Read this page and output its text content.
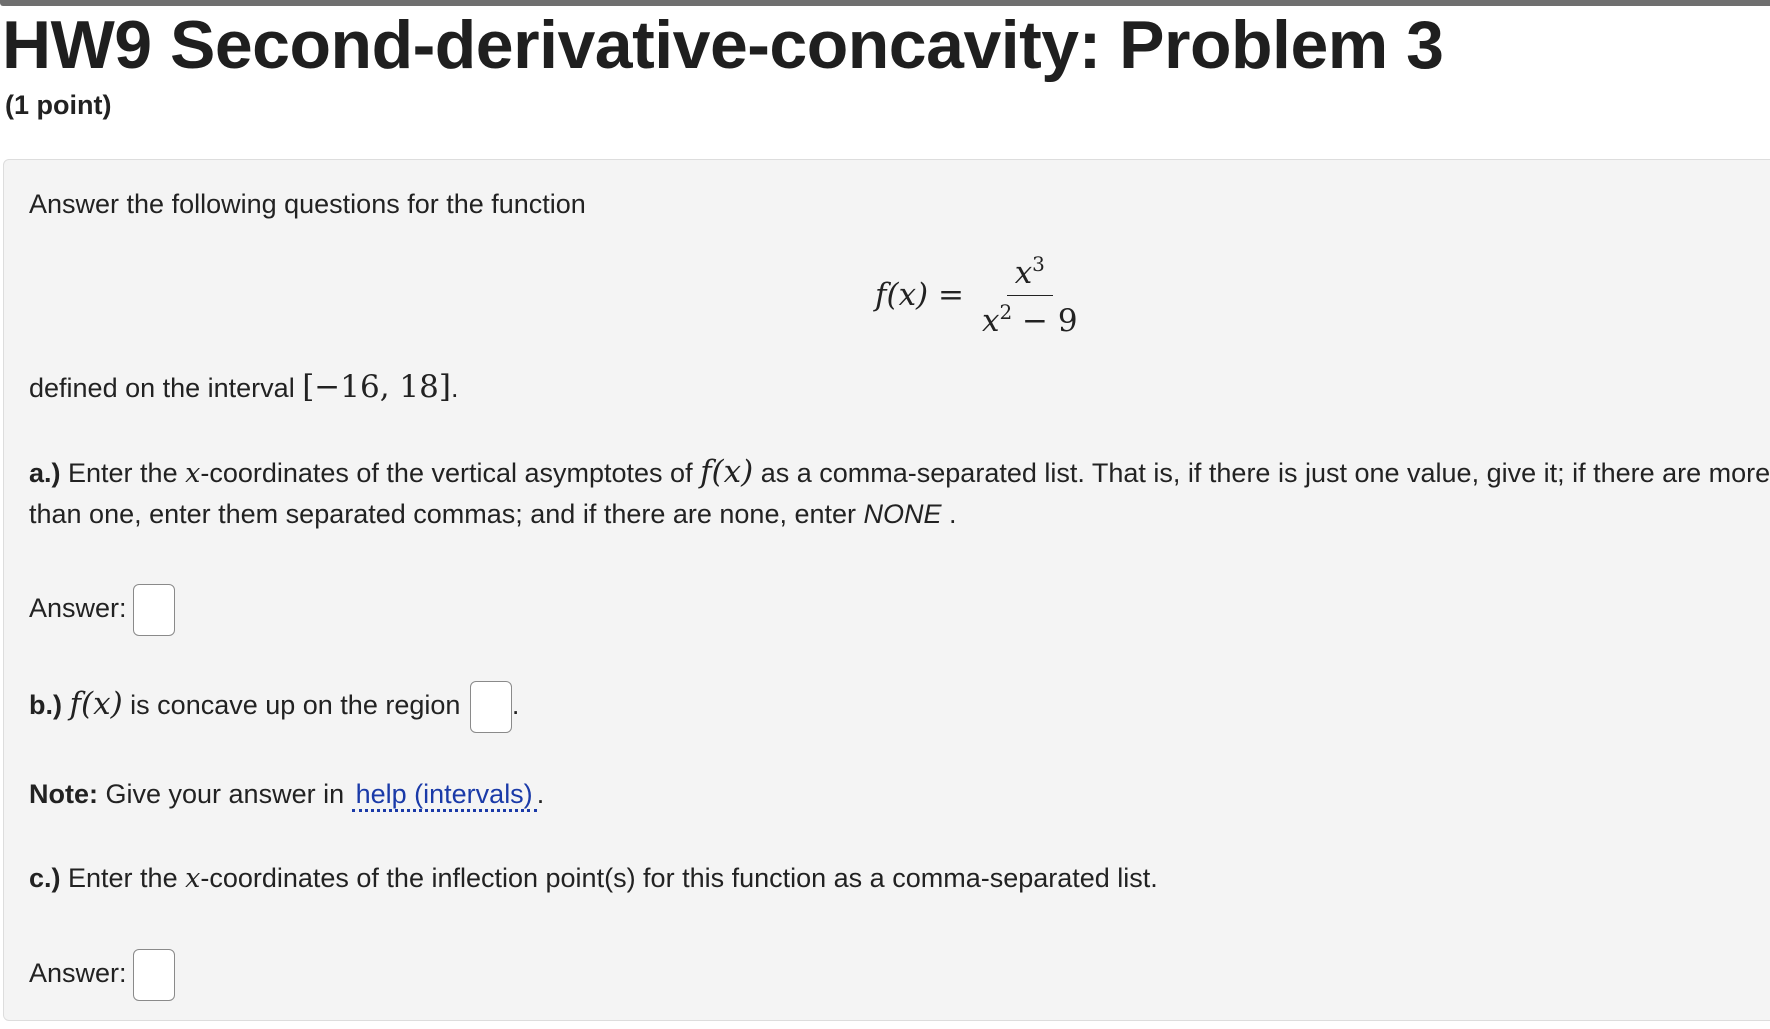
HW9 Second-derivative-concavity: Problem 3
(1 point)
Answer the following questions for the function
$f(x) = \frac{x^3}{x^2 - 9}$
defined on the interval [−16, 18].
a.) Enter the x-coordinates of the vertical asymptotes of f(x) as a comma-separated list. That is, if there is just one value, give it; if there are more
than one, enter them separated commas; and if there are none, enter NONE .
Answer:
b.) f(x) is concave up on the region .
Note: Give your answer in help (intervals) .
c.) Enter the x-coordinates of the inflection point(s) for this function as a comma-separated list.
Answer:
